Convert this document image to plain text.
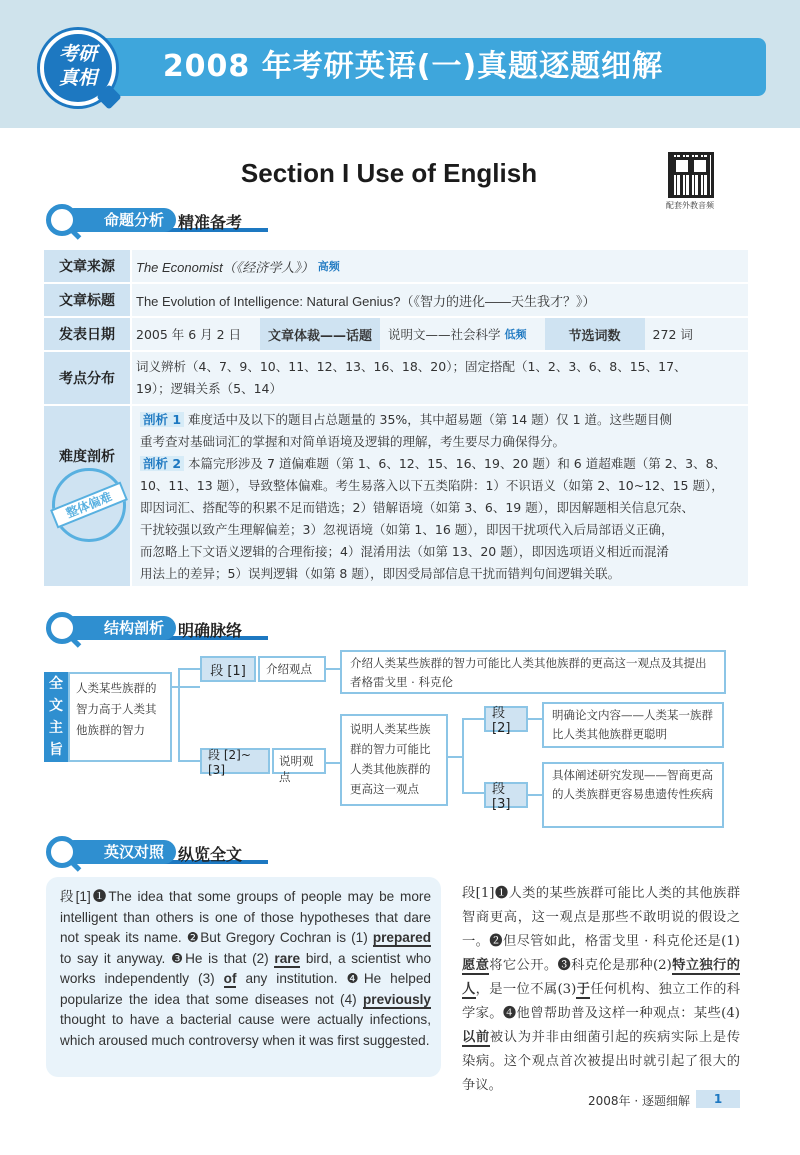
2008 年考研英语(一)真题逐题细解
考研
真相
Section I Use of English
配套外教音频
命题分析 精准备考
文章来源	The Economist（《经济学人》） 高频
文章标题	The Evolution of Intelligence: Natural Genius?（《智力的进化——天生我才？》）
发表日期	2005 年 6 月 2 日	文章体裁——话题	说明文——社会科学 低频	节选词数	272 词
考点分布
词义辨析（4、7、9、10、11、12、13、16、18、20）；固定搭配（1、2、3、6、8、15、17、
19）；逻辑关系（5、14）
难度剖析
整体偏难
剖析 1 难度适中及以下的题目占总题量的 35%，其中超易题（第 14 题）仅 1 道。这些题目侧
重考查对基础词汇的掌握和对简单语境及逻辑的理解，考生要尽力确保得分。
剖析 2 本篇完形涉及 7 道偏难题（第 1、6、12、15、16、19、20 题）和 6 道超难题（第 2、3、8、
10、11、13 题），导致整体偏难。考生易落入以下五类陷阱：1）不识语义（如第 2、10~12、15 题），
即因词汇、搭配等的积累不足而错选；2）错解语境（如第 3、6、19 题），即因解题相关信息冗杂、
干扰较强以致产生理解偏差；3）忽视语境（如第 1、16 题），即因干扰项代入后局部语义正确，
而忽略上下文语义逻辑的合理衔接；4）混淆用法（如第 13、20 题），即因选项语义相近而混淆
用法上的差异；5）误判逻辑（如第 8 题），即因受局部信息干扰而错判句间逻辑关联。
结构剖析 明确脉络
全文主旨
人类某些族群的智力高于人类其他族群的智力
段 [1]	介绍观点	介绍人类某些族群的智力可能比人类其他族群的更高这一观点及其提出者格雷戈里 · 科克伦
段 [2]~[3]
说明观点
说明人类某些族群的智力可能比人类其他族群的更高这一观点
段 [2]
明确论文内容——人类某一族群比人类其他族群更聪明
段 [3]
具体阐述研究发现——智商更高的人类族群更容易患遗传性疾病
英汉对照 纵览全文
段[1]❶The idea that some groups of people may be more intelligent than others is one of those hypotheses that dare not speak its name. ❷But Gregory Cochran is (1) prepared to say it anyway. ❸He is that (2) rare bird, a scientist who works independently (3) of any institution. ❹He helped popularize the idea that some diseases not (4) previously thought to have a bacterial cause were actually infections, which aroused much controversy when it was first suggested.
段[1]❶人类的某些族群可能比人类的其他族群智商更高，这一观点是那些不敢明说的假设之一。❷但尽管如此，格雷戈里 · 科克伦还是(1)愿意将它公开。❸科克伦是那种(2)特立独行的人，是一位不属(3)于任何机构、独立工作的科学家。❹他曾帮助普及这样一种观点：某些(4)以前被认为并非由细菌引起的疾病实际上是传染病。这个观点首次被提出时就引起了很大的争议。
2008年 · 逐题细解	1
